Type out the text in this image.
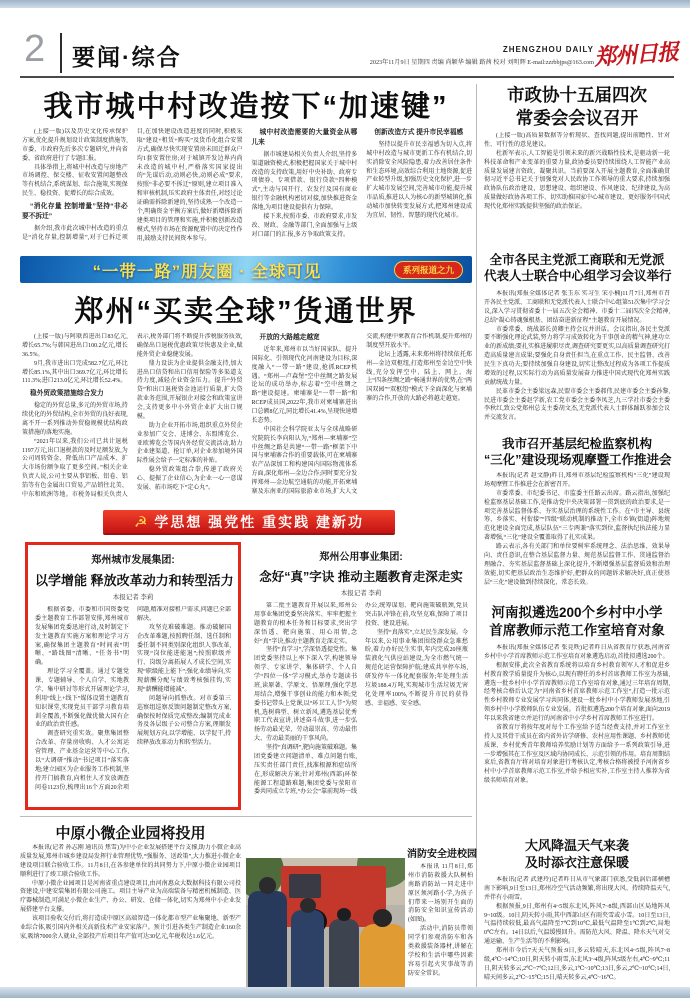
2 要闻·综合	ZHENGZHOU DAILY
2023年11月9日 星期四 责编 尚颖华 编辑 路茜 校对 刘明辉 E-mail:zzrbbjps@163.com 郑州日报
我市城中村改造按下“加速键”

(上接一版)以及历史文化传承保护方案,优化提升规划设计政策制度措施等,市委、市政府先后多次专题研究,并向省委、省政府进行了专题汇报。

具体举措上,将城中村改造与房地产市场调控、保交楼、征收安置问题整改等有机结合,系统谋划、综合施策,实现保民生、稳投资、促增长的综合成效。

“消化存量 控制增量”坚持“非必要不拆迁”

据介绍,我市此次城中村改造的重点是“消化存量,控制增量”,对于已拆迁项目,在加快建设改造进度的同时,积极采取“建设+租赁+购买”及货币化组合安置方式,确保尽快实现安置房未回迁群众户均1套安置住房;对于城镇开发边界内尚未改造的城中村,严格落实国家提出的“先谋后动,动则必快,动则必成”要求,按照“非必要不拆迁”原则,建立项目准入和审核机制,压实政府主体责任,对经过论证确需拆除新建的,坚持成熟一个改造一个,明确资金平衡方案后,做好新增拆除新建类项目的管理和实施,并积极创新改造模式,坚持市场在资源配置中的决定性作用,鼓励支持民间资本参与。

城中村改造需要的大量资金从哪儿来

据市城建局相关负责人介绍,坚持多渠道融资模式,积极把握国家关于城中村改造的支持政策,用好中央补助、政府专项债券、专项借款、银行贷款“四种模式”,主动与国开行、农发行及国有商业银行等金融机构密切对接,加快推进资金落地,为项目建设提供有力保障。

接下来,按照市委、市政府要求,市发改、财政、金融等部门,全面加强与上级对口部门的汇报,多方争取政策支持。

创新改造方式 提升市民幸福感

坚持以提升市民幸福感为切入点,将城中村改造与城市更新工作有机结合,切实消除安全风险隐患,着力改善居住条件和生态环境,高效综合利用土地资源,促进产业转型升级,加强历史文化保护,进一步扩大城市发展空间,完善城市功能,提升城市品质,推进以人为核心的新型城镇化,推动城市加快转变发展方式,把郑州建设成为宜居、韧性、智慧的现代化城市。

“一带一路”朋友圈 · 全球可见	系列报道之九
郑州“买卖全球”货通世界

(上接一版)与阿联酋进出口83亿元,增长65.7%;与韩国进出口100.2亿元,增长36.5%。

9月,我市进出口完成582.7亿元,环比增长85.1%,其中出口369.7亿元,环比增长111.3%;进口213.0亿元,环比增长52.4%。

稳外贸政策措施综合发力

稳定的外贸总量,多元的外贸市场,持续优化的外贸结构,全市外贸的良好表现,离不开一系列推动外贸稳规模优结构政策措施的落地实施。

“2021年以来,我们公司已共计退税1197万元,出口退税款的及时足额发放,为公司周转资金、降低出口产品成本、扩大市场份额争取了更多空间。”相关企业负责人说,公司主要从事铝板、铝卷、铝箔等有色金属出口贸易,产品销往北美、中东和欧洲等地。市税务局相关负责人表示,税务部门将不断提升涉税服务质效,确保出口退税优惠政策尽快惠及企业,赋能外贸企业稳健发展。

鼎力设法为企业提供金融支持,加大进出口信贷和出口信用保险等多渠道支持力度,减轻企业资金压力。提升“外贸贷”和出口退税资金池运行质量,扩大贷款业务范围,开展银企对接会和政策宣讲会,支持更多中小外贸企业扩大出口规模。

助力企业开拓市场,组织重点外贸企业参加广交会、进博会、东盟博览会、亚欧博览会等国内外经贸交流活动,助力企业建渠道、抢订单,对企业参加境外国际性展会给予一定标准的补贴。

稳外贸政策组合拳,传递了政府关心、提振了企业信心,为企业一心一意谋发展、拓市场吃下“定心丸”。

开放的大路越走越宽

近年来,郑州市以当好国家队、提升国际化、引领现代化河南建设为目标,深度融入“一带一路”建设,抢抓RCEP机遇。“郑州—卢森堡”空中丝绸之路发展论坛的成功举办,标志着“空中丝绸之路”建设提速。柬埔寨是“一带一路”和RCEP成员国,2022年,我市对柬埔寨进出口总额8亿元,同比增长41.4%,呈现快速增长态势。

中国社会科学院亚太与全球战略研究院院长李向阳认为,“郑州—柬埔寨”空中丝绸之路是共建“一带一路”框架下中国与柬埔寨合作的重要载体,可在柬埔寨农产品深加工和构建国内国际物流体系方面,深化郑州—金边合作;同时要充分发挥郑州—金边航空通航的功能,开拓柬埔寨及东南亚的国际旅游业市场,扩大人文交流,构建中柬教育合作机制,提升郑州的制度型开放水平。

论坛上透露,未来郑州将持续依托郑州—金边双枢纽,打造郑州至金边空中快线,充分发挥空中、陆上、网上、海上“四条丝绸之路”畅通世界的优势,在“两国双园”“双枢纽”模式下全面深化与柬埔寨的合作,开放的大路必将越走越宽。

☭ 学思想 强党性 重实践 建新功
郑州城市发展集团:
以学增能 释放改革动力和转型活力
本报记者 李莉

根据省委、市委和市国资委党委主题教育工作部署安排,郑州城市发展集团党委迅速行动,及时制定下发主题教育实施方案和理论学习方案,确保集团主题教育“时间表”明晰、“路线图”清晰、“任务书”明确。

理论学习全覆盖。通过专题党课、专题辅导、个人自学、实地教学、集中研讨等形式开展理论学习,利用“线上+线下”媒体设置主题教育知识课堂,实现党员干部学习教育培训全覆盖,不断强化做优做大国有企业的政治责任感。

调查研究重实效。聚焦集团整合改革、存量房收购、人才公寓运营管理、产业基金运营等中心工作,以“大调研”推动“书记项目”落实落地;建立园区为企业服务工作机制,坚持开门搞教育,向租住人才发放调查问卷1123份,梳理出16个方面20余项问题,精准对接租户需求,问题已全部解决。

攻坚克难破难题。推动破解国企改革难题,按照聘任制、选任制和委任制不同类别深化组织人事改革,实现“岗位能进能退”;按照职级并行、岗级分离拓展人才成长空间,实现“职级能上能下”;强化业绩导向,实现薪酬分配与绩效考核强挂钩,实现“薪酬能增能减”。

问题导向抓整改。对市委第三巡察组巡察反馈问题制定整改方案,确保按时保质完成整改;编制完成业务及各层级子公司整合方案,理顺发展规划方向,以学增能、以学促干,持续释放改革动力和转型活力。

郑州公用事业集团:
念好“真”字诀 推动主题教育走深走实
本报记者 李莉

第二批主题教育开展以来,郑州公用事业集团党委坚决落实、牢牢把握主题教育的根本任务和目标要求,突出学深悟透、靶向施策、用心用情,念好“真”字诀,推动主题教育走深走实。

坚持“真学习”,学深悟透提党性。集团党委坚持以上率下深入学,构建领导领学、专家讲学、集体研学、个人自学“四位一体”学习模式,举办专题读书班,读原著、学原文、悟原理,强化学思用结合,增强干事创业的能力和本领;党委书记带头上党课,以“环卫工人节”为契机,选树典型、树立新风,遴选基层优秀职工代表宣讲,讲述奋斗故事,进一步弘扬劳动最光荣、劳动最崇高、劳动最伟大、劳动最美丽的干事风尚。

坚持“真调研”,靶向施策破难题。集团党委建立问题清单、难点问题台账,压实责任部门责任,找准根源和症结所在,形成解决方案;针对郑州(西部)环保能源工程道路难题,集团党委与荥阳市委共同成立专班,“办公会”靠前现场一线办公,统筹谋划、靶向施策破瓶颈,党员突击队冲锋在前,攻坚克难,保障了项目投资、建设进展。

坚持“真落实”,立足民生深发展。今年以来,公用事业集团围绕群众急难愁盼,着力办好民生实事,年内完成20座瓶装液化气供应站建设,为全市燃气统一规范化运营保障护航;建成共享停车场,研发停车一体化配套服务;年处理生活垃圾188.4万吨,实现城市生活垃圾无害化处理率100%,不断提升市民的获得感、幸福感、安全感。

中原小微企业园将投用

本报讯(记者 孙志刚 通讯员 焦雪)为中小企业发展搭建平台支撑,助力小微企业高质量发展,郑州市城乡建设局发挥行业管理优势,“强服务、送政策”,大力推进小微企业建设项目联合验收工作。11月8日,在各参建单位的共同努力下,中原小微企业园项目顺利进行了竣工联合验收工作。

中原小微企业园项目是河南省重点建设项目,由河南惠众大数据科技有限公司投资建设,中建安装集团有限公司施工。项目主导产业为高端装备与精密机械制造、医疗器械制造,可满足小微企业生产、办公、研发、仓储一体化,切实为郑州中小企业发展搭建平台支撑。

该项目验收交付后,将打造成中原区高端智造一体化都市型产业集聚地、新型产业综合体,吸引国内外相关高新技术产业安家落户。预计引进各类生产制造企业160余家,吸纳7000余人就业,全部投产后项目年产值可达30亿元,年税收达1.6亿元。

消防安全进校园

本报讯 11月8日,郑州市消防救援大队桐柏南路消防站一同走进中原区须河路小学,为孩子们带来一场别开生面的消防安全知识宣传活动(如图)。

活动中,消防员带领同学们参观消防车和各类救援装备器材,讲解在学校和生活中哪些因素容易引起火灾事故等消防安全常识。

市政协十五届四次
常委会会议召开

(上接一版)高质量数据等分析现状、查找问题,提出前瞻性、针对性、可行性的意见建议。

杜新军表示,人工智能是引领未来的新兴战略性技术,是驱动新一轮科技革命和产业变革的重要力量,政协委员要持续围绕人工智能产业高质量发展建言资政、凝聚共识。当前要深入开展主题教育,全面准确贯彻习近平总书记关于加强党对人民政协工作领导的重大要求,持续加强政协队伍政治建设、思想建设、组织建设、作风建设、纪律建设,为高质量做好政协各项工作、切实助推国家中心城市建设、更好服务中国式现代化郑州实践提供坚强的政治保证。

全市各民主党派工商联和无党派
代表人士联合中心组学习会议举行

本报讯(郑报全媒体记者 张玉东 实习生 宋小楠)11月7日,郑州市召开各民主党派、工商联和无党派代表人士联合中心组第51次集中学习会议,深入学习贯彻省委十一届五次全会精神、市委十二届四次全会精神,总结“凝心铸魂强根基、团结奋进新征程”主题教育开展情况。

市委常委、统战部长黄卿主持会议并讲话。会议指出,各民主党派要不断强化理论武装,努力将学习成效转化为干事创业的精气神,建功立业的新成绩;要扎实推进履职尽责,调查研究要更实,以高质量调查研究打造高质量建言成果;要强化自身责任担当,在重点工作、民主监督、改善民生下真功夫;要持续加强自身建设,切实让整改过程成为各项工作提质增效的过程,以实际行动为高质量发展奋力推进中国式现代化郑州实践贡献统战力量。

民革市委会主委梁远森,民盟市委会主委郝伟,民建市委会主委孙黎,民进市委会主委赵学新,农工党市委会主委李凤芝,九三学社市委会主委李秋红,致公党郑州总支主委胡文杰,无党派代表人士群体踊跃参加会议并交流发言。

我市召开基层纪检监察机构
“三化”建设现场观摩暨工作推进会

本报讯(记者 赵文静)昨日,郑州市基层纪检监察机构“三化”建设现场观摩暨工作推进会在新密召开。

市委常委、市纪委书记、市监委主任路云出席。路云指出,加强纪检监察基层基础工作,是推动党中央决策部署一贯到底的政治要求,是一项完善基层监督体系、夯实基层治理的系统性工作。在“市主导、县统筹、乡落实、村衔接”“四级”联动机制的推动下,全市乡镇(街道)阵地规范化建设全面完成,基层队伍“三专两兼”落实到位,监督执纪执法能力显著增强,“三化”建设全覆盖取得了扎实成果。

路云表示,各有关部门和单位要树牢系统理念、法治思维、效果导向、责任意识,在整合基层监督力量、规范基层监督工作、贯通监督治理融合、夯实基层监督基础上深化提升,不断增强基层监督质效和治理效能,切实把基层政治生态维护好,把群众的问题诉求解决好,真正使基层“三化”建设做到持续深化、常态长效。

河南拟遴选200个乡村中小学
首席教师示范工作室培育对象

本报讯(郑报全媒体记者 张竞昳)记者昨日从省教育厅获悉,河南省乡村中小学首席教师示范工作室培育对象遴选启动,首批拟遴选200个。

根据安排,此次全省教育系统将以培育乡村教育领军人才和促进乡村教育教学质量提升为核心,以现有聘任的乡村首席教师工作室为基础,遴选一批乡村中小学首席教师示范工作室培育对象,通过三年培育周期,经考核合格后认定为“河南省乡村首席教师示范工作室”,打造一批示范性乡村教师专业发展学习共同体,建设一批乡村中小学教师发展基地,引领乡村中小学教师队伍专业发展。首批拟遴选200个培育对象,面向2019年以来我省建立并运行的河南省中小学乡村首席教师工作室进行。

省教育厅将按年度对每个工作室给予适当经费支持,并对工作室主持人及其骨干成员在省内省外访学研修、农村应用性课题、乡村教师优质课、乡村优秀青年教师培养奖励计划等方面给予一系列政策引导,进一步增强其在工作室及区域内协同成长、示范引领的作用。培育周期结束后,省教育厅将对培育对象进行考核认定,考核合格将被授予河南省乡村中小学首席教师示范工作室,并给予相应实补,工作室主持人推荐为省级名师培育对象。

大风降温天气来袭
及时添衣注意保暖

本报讯(记者 武建玲)记者昨日从市气象部门获悉,受低涡后部横槽南下影响,9日至13日,郑州冷空气活动频繁,将出现大风、持续降温天气,并伴有小雨雪。

根据预报,9日,郑州有4~5级东北风,阵风7~8级,西部山区局地阵风9~10级。10日,阴天转小雨,其中西部山区有雨夹雪或小雪。10日至13日,气温持续较低,最高气温降至7℃到10℃,最低气温降至1℃到2℃,局地0℃左右。14日以后,气温缓慢回升。需防范大风、降温、降水天气对交通运输、生产生活等的不利影响。

郑州市今后7天天气预报:9日,多云转晴天,东北风4~5级,阵风7~8级,4℃~14℃;10日,阴天转小雨雪,东北风3~4级,阵风5级左右,4℃~9℃;11日,阴天转多云,2℃~7℃;12日,多云,1℃~10℃;13日,多云,2℃~10℃;14日,晴天间多云,2℃~15℃;15日,晴天转多云,4℃~16℃。
